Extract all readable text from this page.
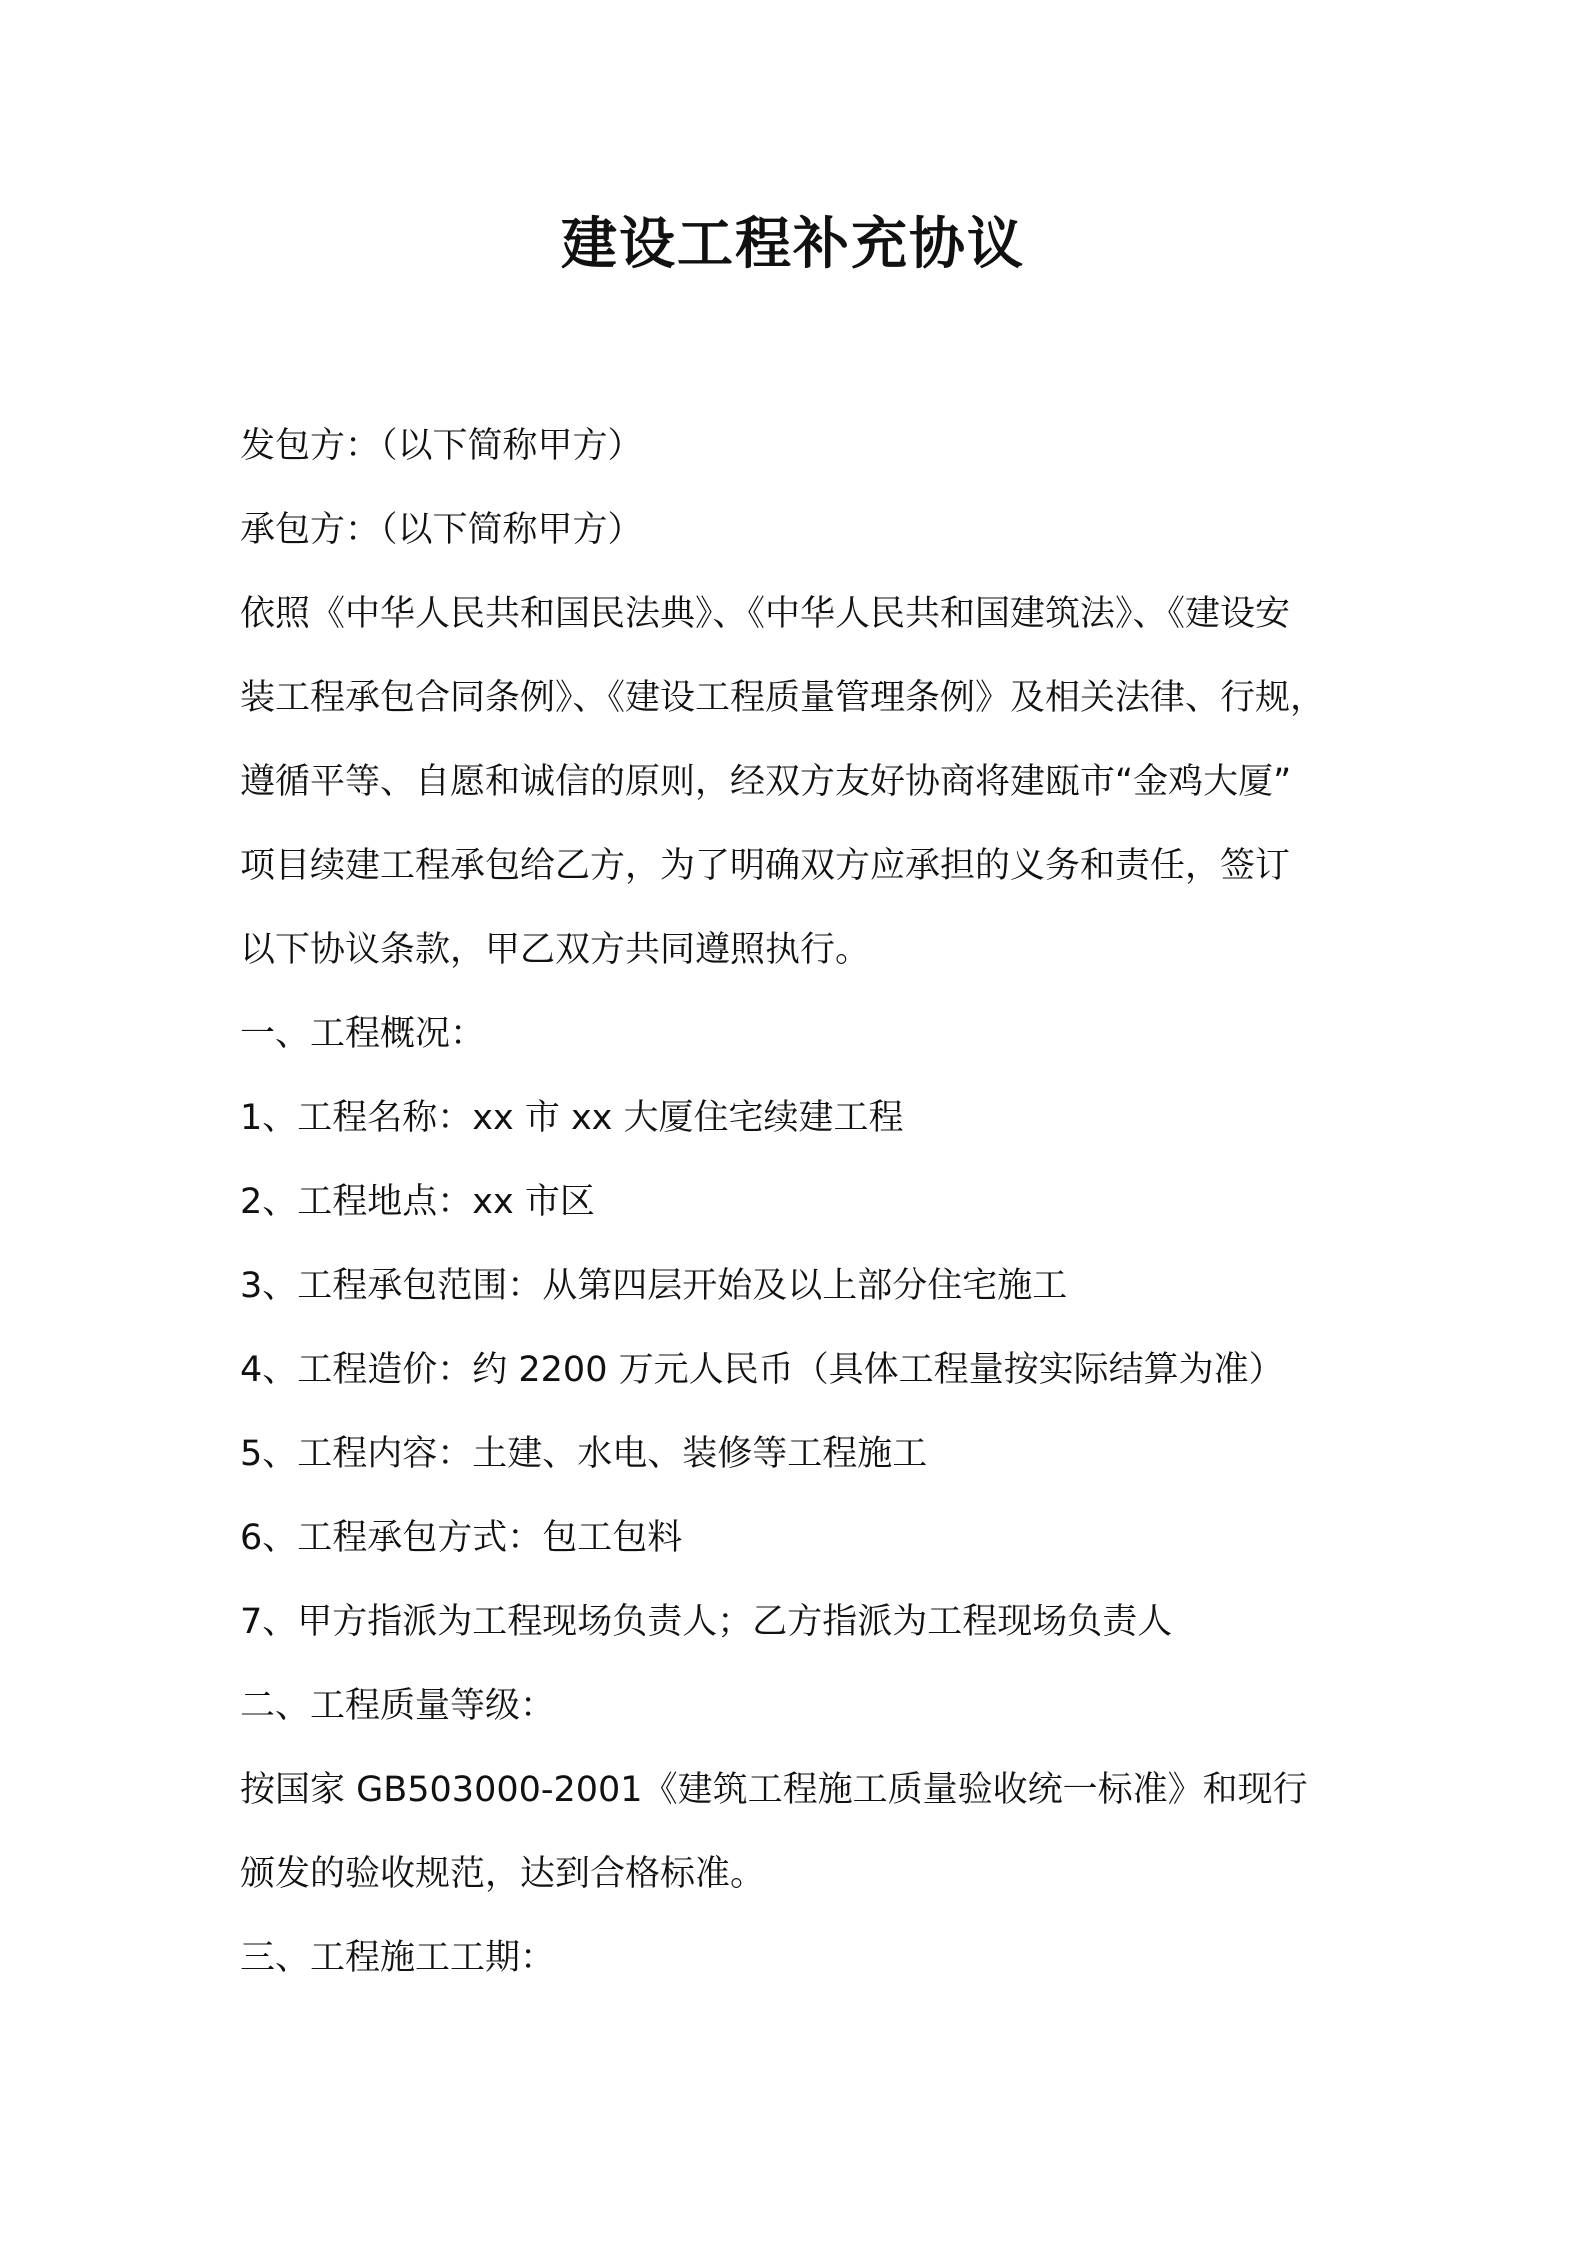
建设工程补充协议
发包方：（以下简称甲方）
承包方：（以下简称甲方）
依照《中华人民共和国民法典》、《中华人民共和国建筑法》、《建设安
装工程承包合同条例》、《建设工程质量管理条例》及相关法律、行规，
遵循平等、自愿和诚信的原则，经双方友好协商将建瓯市“金鸡大厦”
项目续建工程承包给乙方，为了明确双方应承担的义务和责任，签订
以下协议条款，甲乙双方共同遵照执行。
一、工程概况：
1、工程名称：xx 市 xx 大厦住宅续建工程
2、工程地点：xx 市区
3、工程承包范围：从第四层开始及以上部分住宅施工
4、工程造价：约 2200 万元人民币（具体工程量按实际结算为准）
5、工程内容：土建、水电、装修等工程施工
6、工程承包方式：包工包料
7、甲方指派为工程现场负责人；乙方指派为工程现场负责人
二、工程质量等级：
按国家 GB503000-2001《建筑工程施工质量验收统一标准》和现行
颁发的验收规范，达到合格标准。
三、工程施工工期：
